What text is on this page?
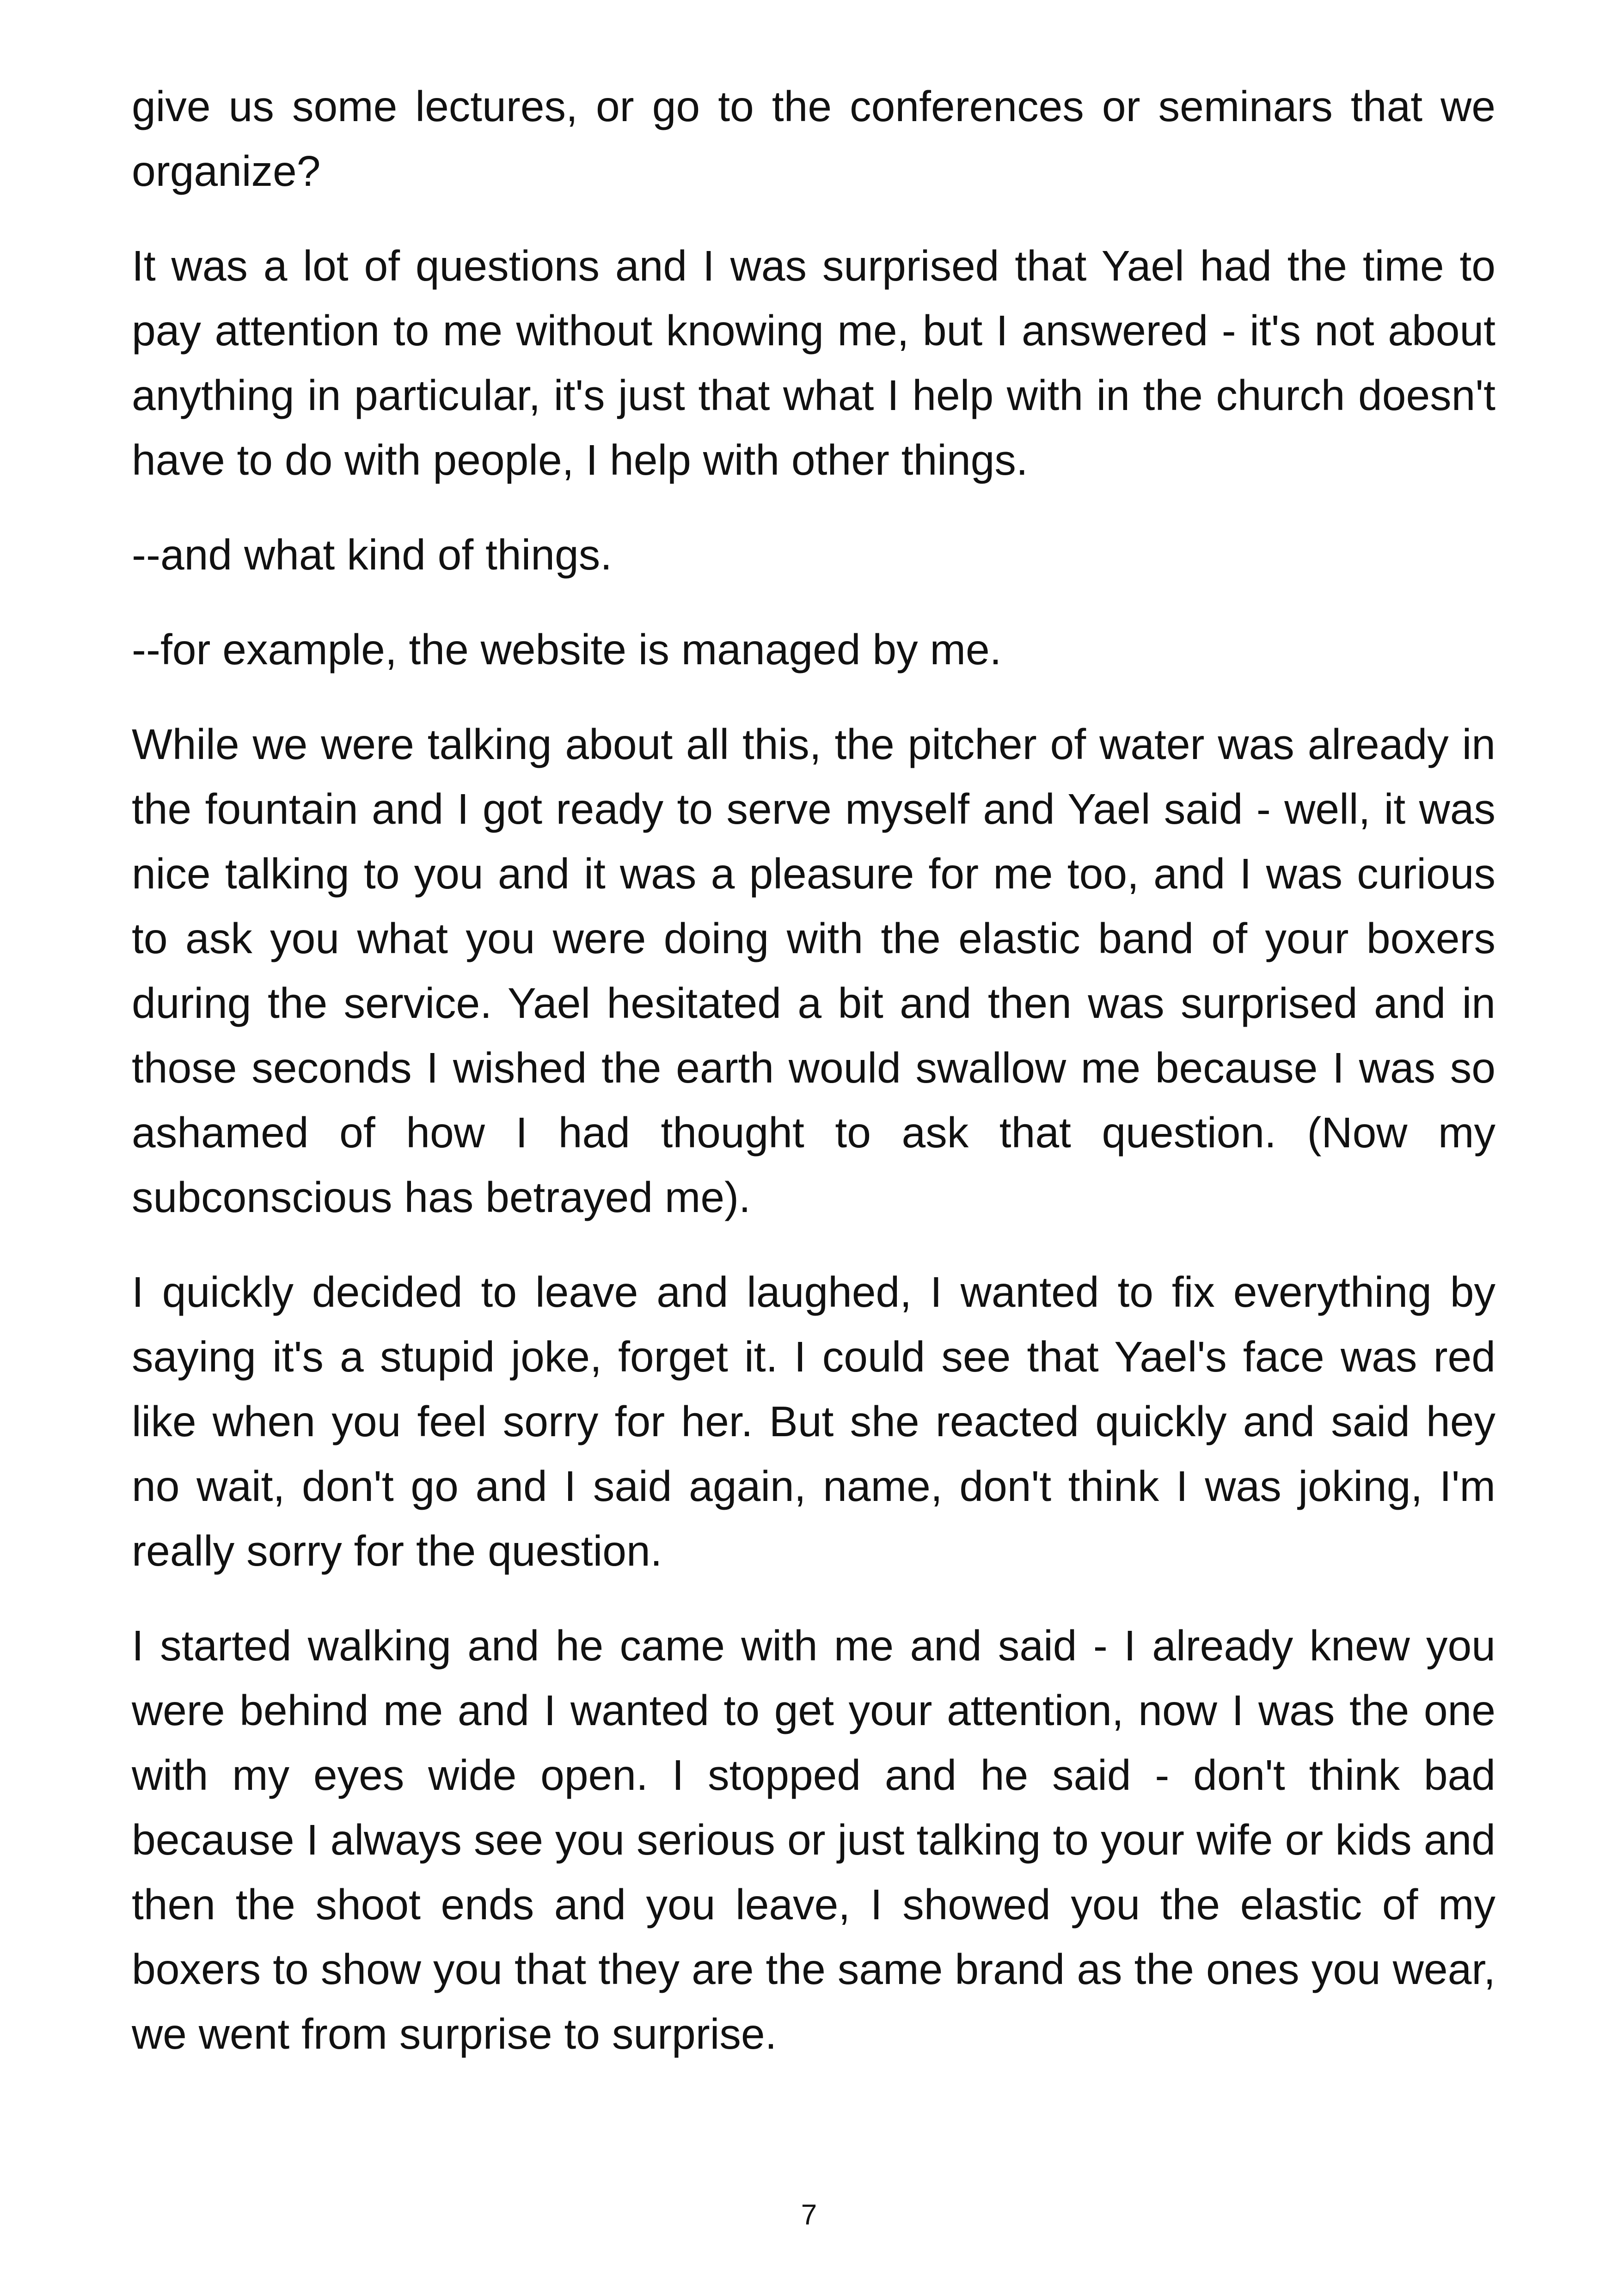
give us some lectures, or go to the conferences or seminars that we organize?

It was a lot of questions and I was surprised that Yael had the time to pay attention to me without knowing me, but I answered - it's not about anything in particular, it's just that what I help with in the church doesn't have to do with people, I help with other things.

--and what kind of things.

--for example, the website is managed by me.

While we were talking about all this, the pitcher of water was already in the fountain and I got ready to serve myself and Yael said - well, it was nice talking to you and it was a pleasure for me too, and I was curious to ask you what you were doing with the elastic band of your boxers during the service. Yael hesitated a bit and then was surprised and in those seconds I wished the earth would swallow me because I was so ashamed of how I had thought to ask that question. (Now my subconscious has betrayed me).

I quickly decided to leave and laughed, I wanted to fix everything by saying it's a stupid joke, forget it. I could see that Yael's face was red like when you feel sorry for her. But she reacted quickly and said hey no wait, don't go and I said again, name, don't think I was joking, I'm really sorry for the question.

I started walking and he came with me and said - I already knew you were behind me and I wanted to get your attention, now I was the one with my eyes wide open. I stopped and he said - don't think bad because I always see you serious or just talking to your wife or kids and then the shoot ends and you leave, I showed you the elastic of my boxers to show you that they are the same brand as the ones you wear, we went from surprise to surprise.

7
